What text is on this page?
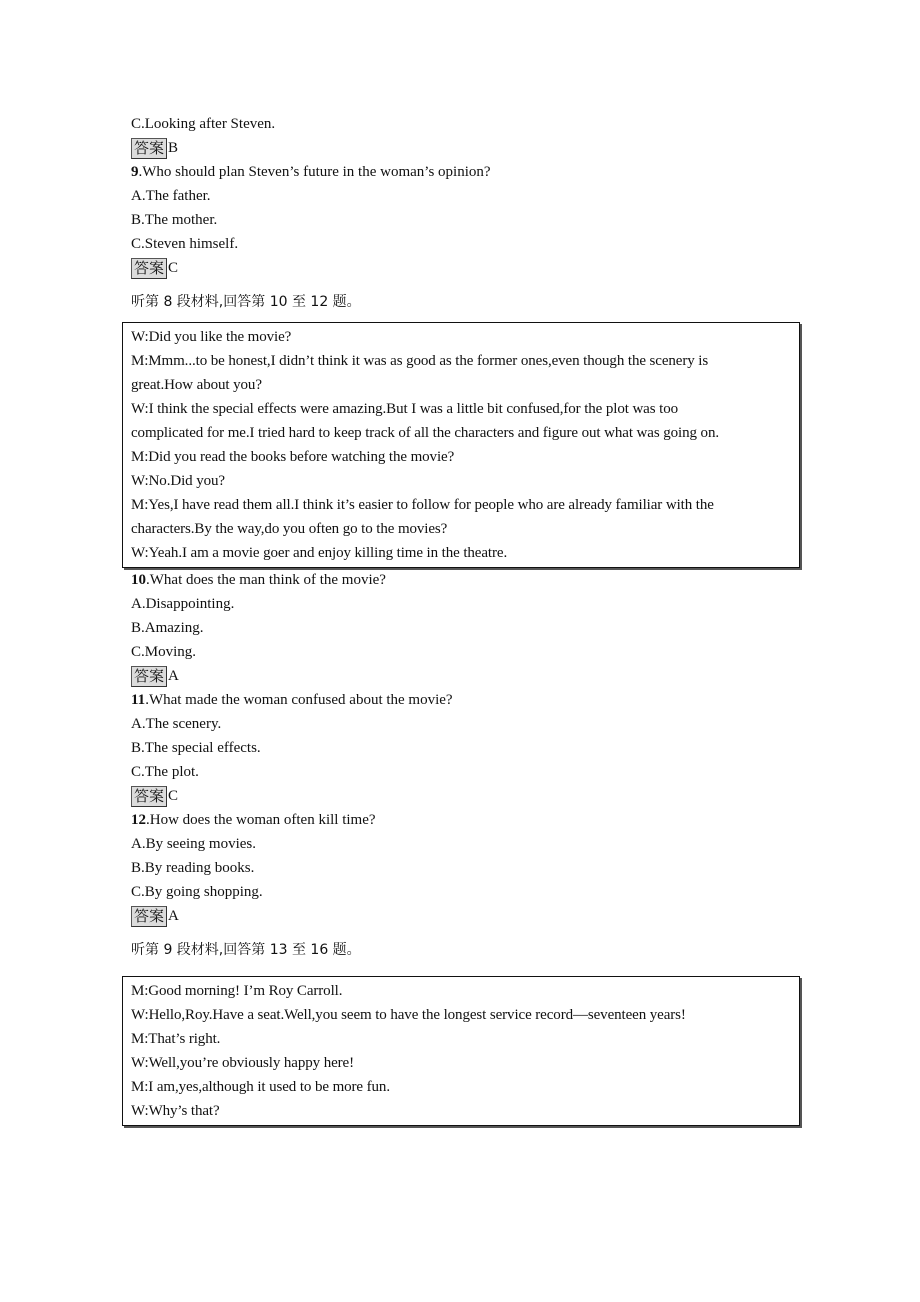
C.Looking after Steven.
答案 B
9.Who should plan Steven’s future in the woman’s opinion?
A.The father.
B.The mother.
C.Steven himself.
答案 C
听第 8 段材料,回答第 10 至 12 题。
W:Did you like the movie?
M:Mmm...to be honest,I didn’t think it was as good as the former ones,even though the scenery is
great.How about you?
W:I think the special effects were amazing.But I was a little bit confused,for the plot was too
complicated for me.I tried hard to keep track of all the characters and figure out what was going on.
M:Did you read the books before watching the movie?
W:No.Did you?
M:Yes,I have read them all.I think it’s easier to follow for people who are already familiar with the
characters.By the way,do you often go to the movies?
W:Yeah.I am a movie goer and enjoy killing time in the theatre.
10.What does the man think of the movie?
A.Disappointing.
B.Amazing.
C.Moving.
答案 A
11.What made the woman confused about the movie?
A.The scenery.
B.The special effects.
C.The plot.
答案 C
12.How does the woman often kill time?
A.By seeing movies.
B.By reading books.
C.By going shopping.
答案 A
听第 9 段材料,回答第 13 至 16 题。
M:Good morning! I’m Roy Carroll.
W:Hello,Roy.Have a seat.Well,you seem to have the longest service record—seventeen years!
M:That’s right.
W:Well,you’re obviously happy here!
M:I am,yes,although it used to be more fun.
W:Why’s that?
